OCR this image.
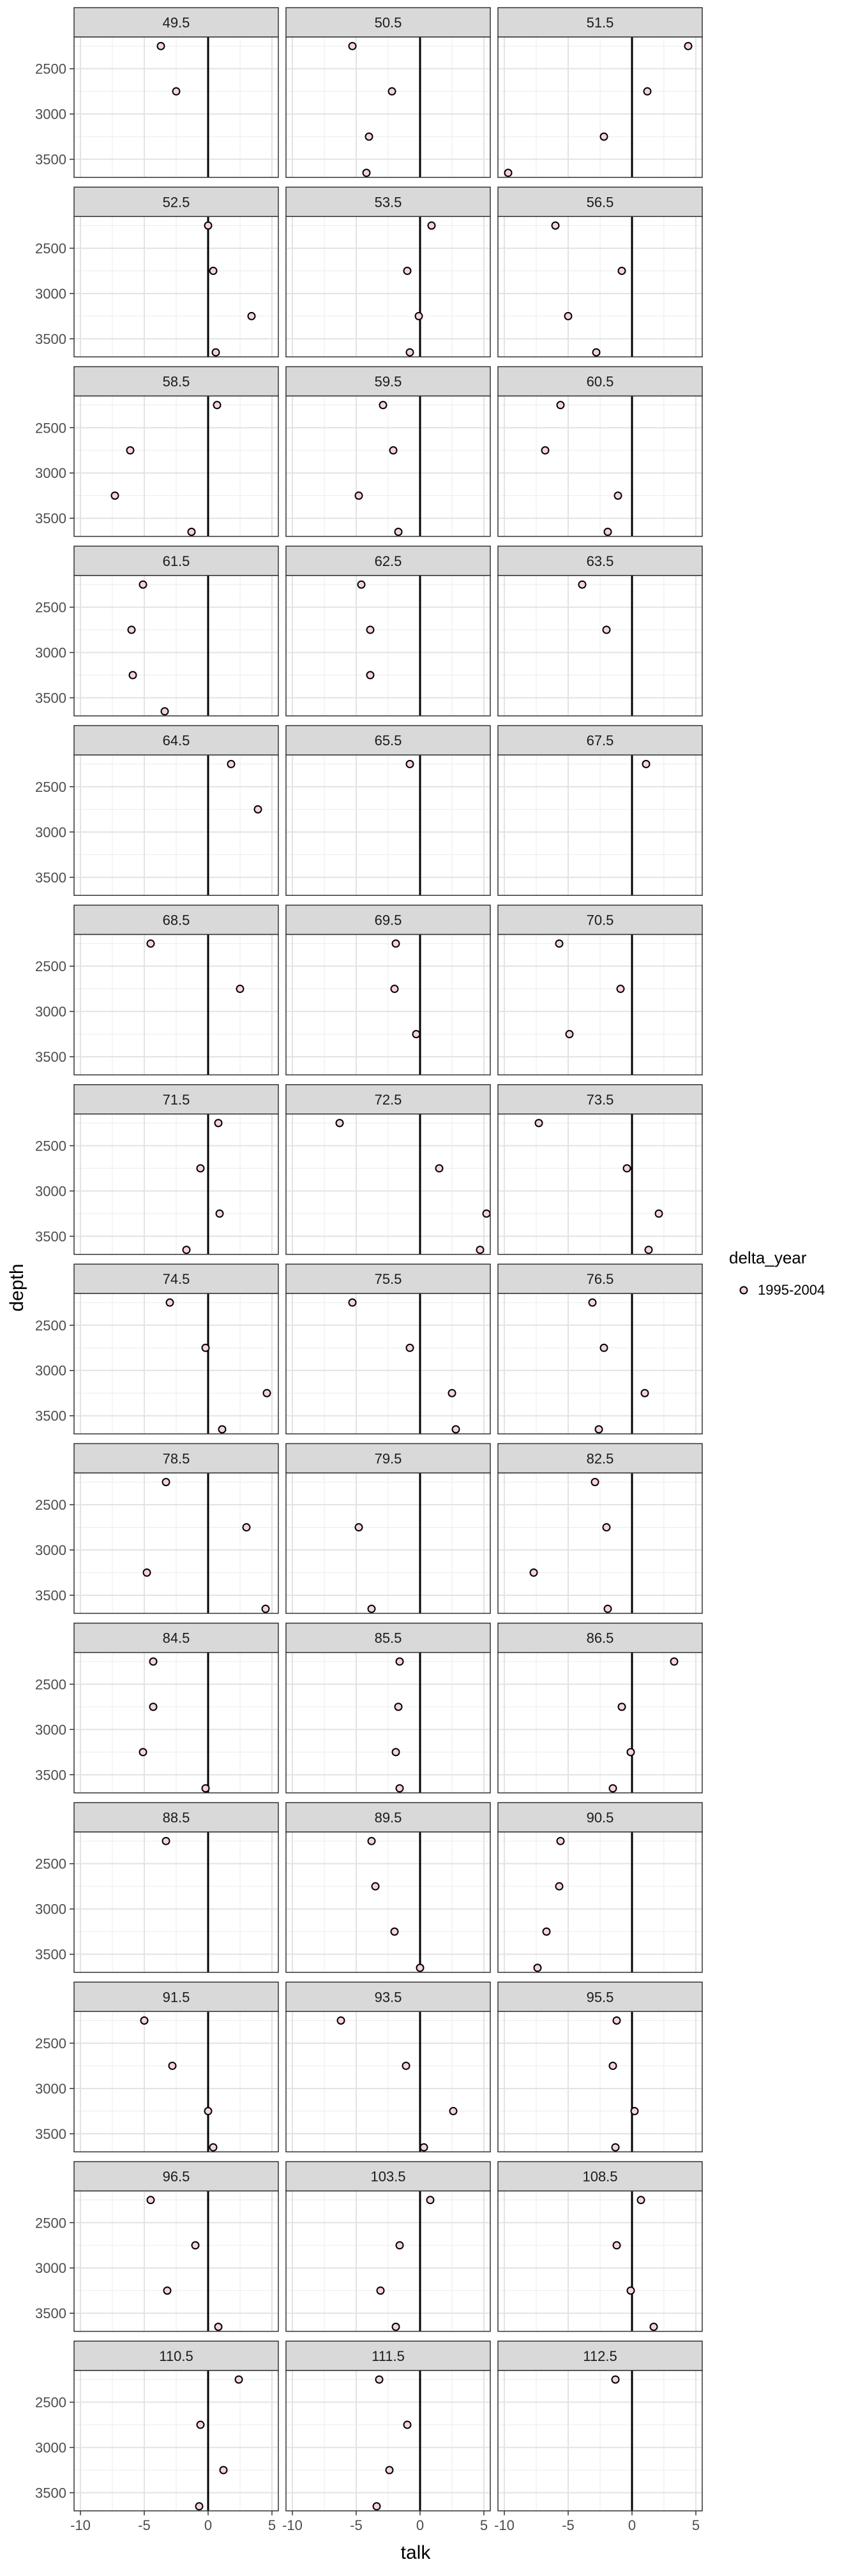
49.5
2500
3000
3500
50.5	51.5
52.5
2500
3000
3500
53.5	56.5
58.5
2500
3000
3500
59.5	60.5
61.5
2500
3000
3500
62.5	63.5
64.5
2500
3000
3500
65.5	67.5
68.5
2500
3000
3500
69.5	70.5
71.5
2500
3000
3500
72.5	73.5
74.5
2500
3000
3500
75.5	76.5
78.5
2500
3000
3500
79.5	82.5
84.5
2500
3000
3500
85.5	86.5
88.5
2500
3000
3500
89.5	90.5
91.5
2500
3000
3500
93.5	95.5
96.5
2500
3000
3500
103.5	108.5
110.5
2500
3000
3500
-10	-5	0	5
111.5
-10	-5	0	5
112.5
-10	-5	0	5
depth
talk
delta_year
1995-2004
